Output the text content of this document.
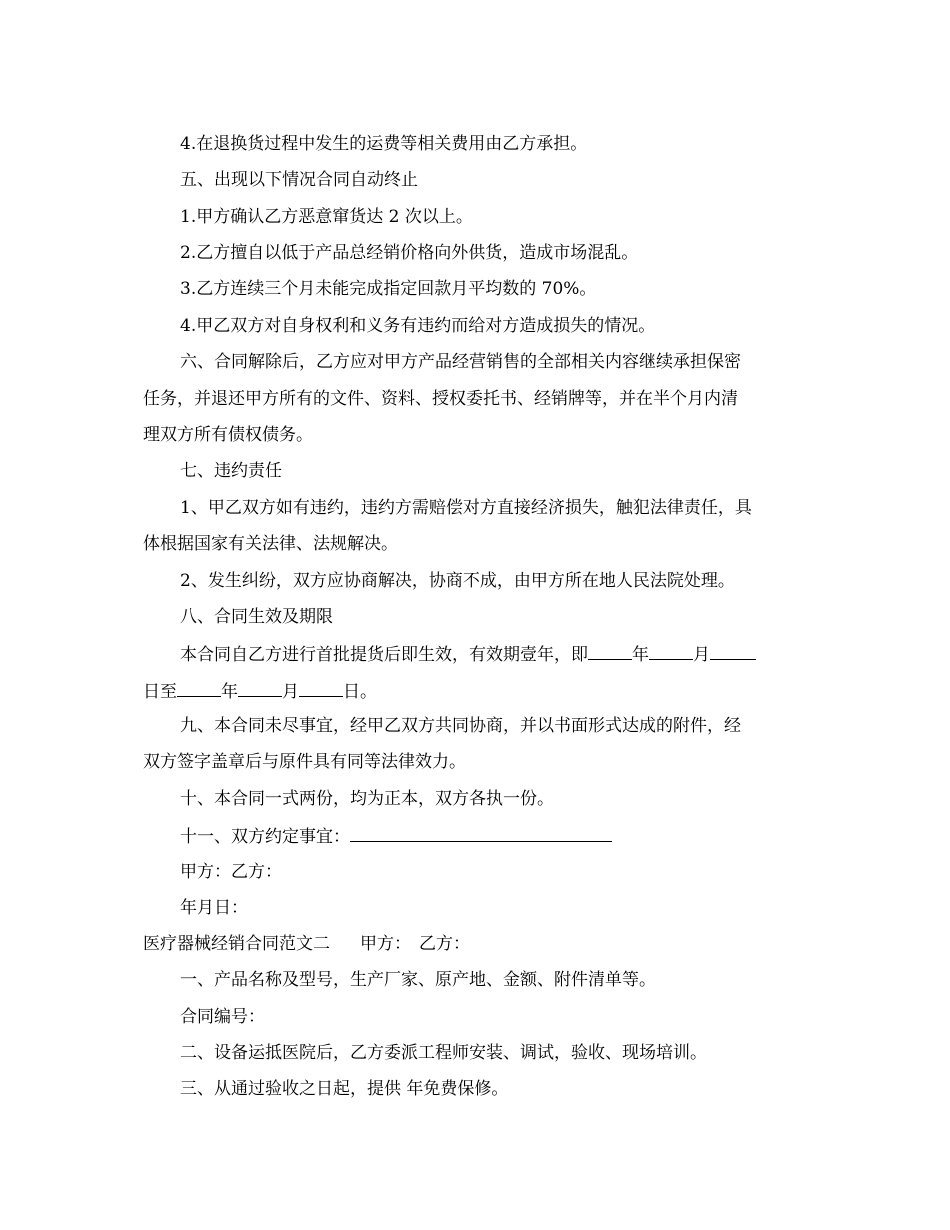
4.在退换货过程中发生的运费等相关费用由乙方承担。
五、出现以下情况合同自动终止
1.甲方确认乙方恶意窜货达 2 次以上。
2.乙方擅自以低于产品总经销价格向外供货，造成市场混乱。
3.乙方连续三个月未能完成指定回款月平均数的 70%。
4.甲乙双方对自身权利和义务有违约而给对方造成损失的情况。
六、合同解除后，乙方应对甲方产品经营销售的全部相关内容继续承担保密
任务，并退还甲方所有的文件、资料、授权委托书、经销牌等，并在半个月内清
理双方所有债权债务。
七、违约责任
1、甲乙双方如有违约，违约方需赔偿对方直接经济损失，触犯法律责任，具
体根据国家有关法律、法规解决。
2、发生纠纷，双方应协商解决，协商不成，由甲方所在地人民法院处理。
八、合同生效及期限
本合同自乙方进行首批提货后即生效，有效期壹年，即	年	月
日至	年	月	日。
九、本合同未尽事宜，经甲乙双方共同协商，并以书面形式达成的附件，经
双方签字盖章后与原件具有同等法律效力。
十、本合同一式两份，均为正本，双方各执一份。
十一、双方约定事宜：
甲方：乙方：
年月日：
医疗器械经销合同范文二 甲方： 乙方：
一、产品名称及型号，生产厂家、原产地、金额、附件清单等。
合同编号：
二、设备运抵医院后，乙方委派工程师安装、调试，验收、现场培训。
三、从通过验收之日起，提供 年免费保修。
